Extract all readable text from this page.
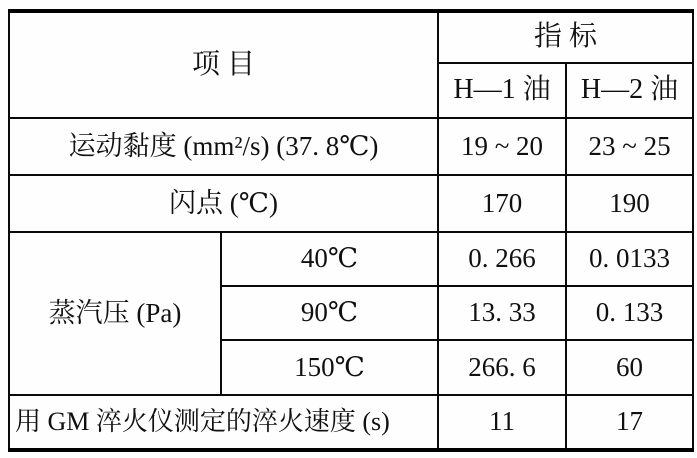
项 目		指 标	
		H—1 油	H—2 油
运动黏度 (mm²/s) (37. 8℃)		19 ~ 20	23 ~ 25
闪点 (℃)		170	190
蒸汽压 (Pa)	40℃	0. 266	0. 0133
	90℃	13. 33	0. 133
	150℃	266. 6	60
用 GM 淬火仪测定的淬火速度 (s)		11	17
